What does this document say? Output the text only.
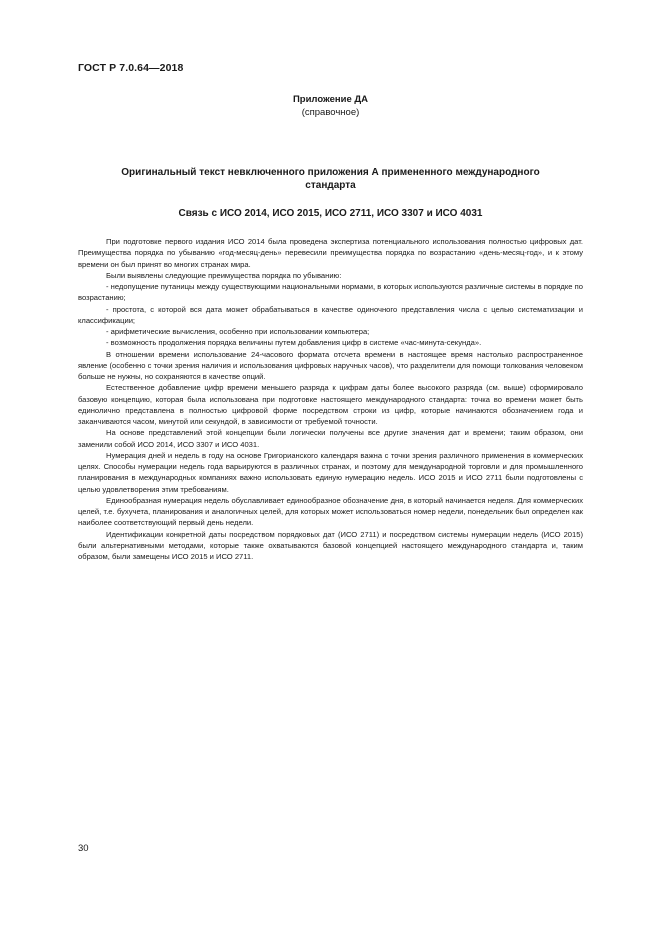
ГОСТ Р 7.0.64—2018
Приложение ДА
(справочное)
Оригинальный текст невключенного приложения А примененного международного стандарта
Связь с ИСО 2014, ИСО 2015, ИСО 2711, ИСО 3307 и ИСО 4031

При подготовке первого издания ИСО 2014 была проведена экспертиза потенциального использования полностью цифровых дат. Преимущества порядка по убыванию «год-месяц-день» перевесили преимущества порядка по возрастанию «день-месяц-год», и к этому времени он был принят во многих странах мира.

Были выявлены следующие преимущества порядка по убыванию:

- недопущение путаницы между существующими национальными нормами, в которых используются различные системы в порядке по возрастанию;

- простота, с которой вся дата может обрабатываться в качестве одиночного представления числа с целью систематизации и классификации;

- арифметические вычисления, особенно при использовании компьютера;

- возможность продолжения порядка величины путем добавления цифр в системе «час-минута-секунда».

В отношении времени использование 24-часового формата отсчета времени в настоящее время настолько распространенное явление (особенно с точки зрения наличия и использования цифровых наручных часов), что разделители для помощи толкования человеком больше не нужны, но сохраняются в качестве опций.

Естественное добавление цифр времени меньшего разряда к цифрам даты более высокого разряда (см. выше) сформировало базовую концепцию, которая была использована при подготовке настоящего международного стандарта: точка во времени может быть единолично представлена в полностью цифровой форме посредством строки из цифр, которые начинаются обозначением года и заканчиваются часом, минутой или секундой, в зависимости от требуемой точности.

На основе представлений этой концепции были логически получены все другие значения дат и времени; таким образом, они заменили собой ИСО 2014, ИСО 3307 и ИСО 4031.

Нумерация дней и недель в году на основе Григорианского календаря важна с точки зрения различного применения в коммерческих целях. Способы нумерации недель года варьируются в различных странах, и поэтому для международной торговли и для промышленного планирования в международных компаниях важно использовать единую нумерацию недель. ИСО 2015 и ИСО 2711 были подготовлены с целью удовлетворения этим требованиям.

Единообразная нумерация недель обуславливает единообразное обозначение дня, в который начинается неделя. Для коммерческих целей, т.е. бухучета, планирования и аналогичных целей, для которых может использоваться номер недели, понедельник был определен как наиболее соответствующий первый день недели.

Идентификации конкретной даты посредством порядковых дат (ИСО 2711) и посредством системы нумерации недель (ИСО 2015) были альтернативными методами, которые также охватываются базовой концепцией настоящего международного стандарта и, таким образом, были замещены ИСО 2015 и ИСО 2711.

30
